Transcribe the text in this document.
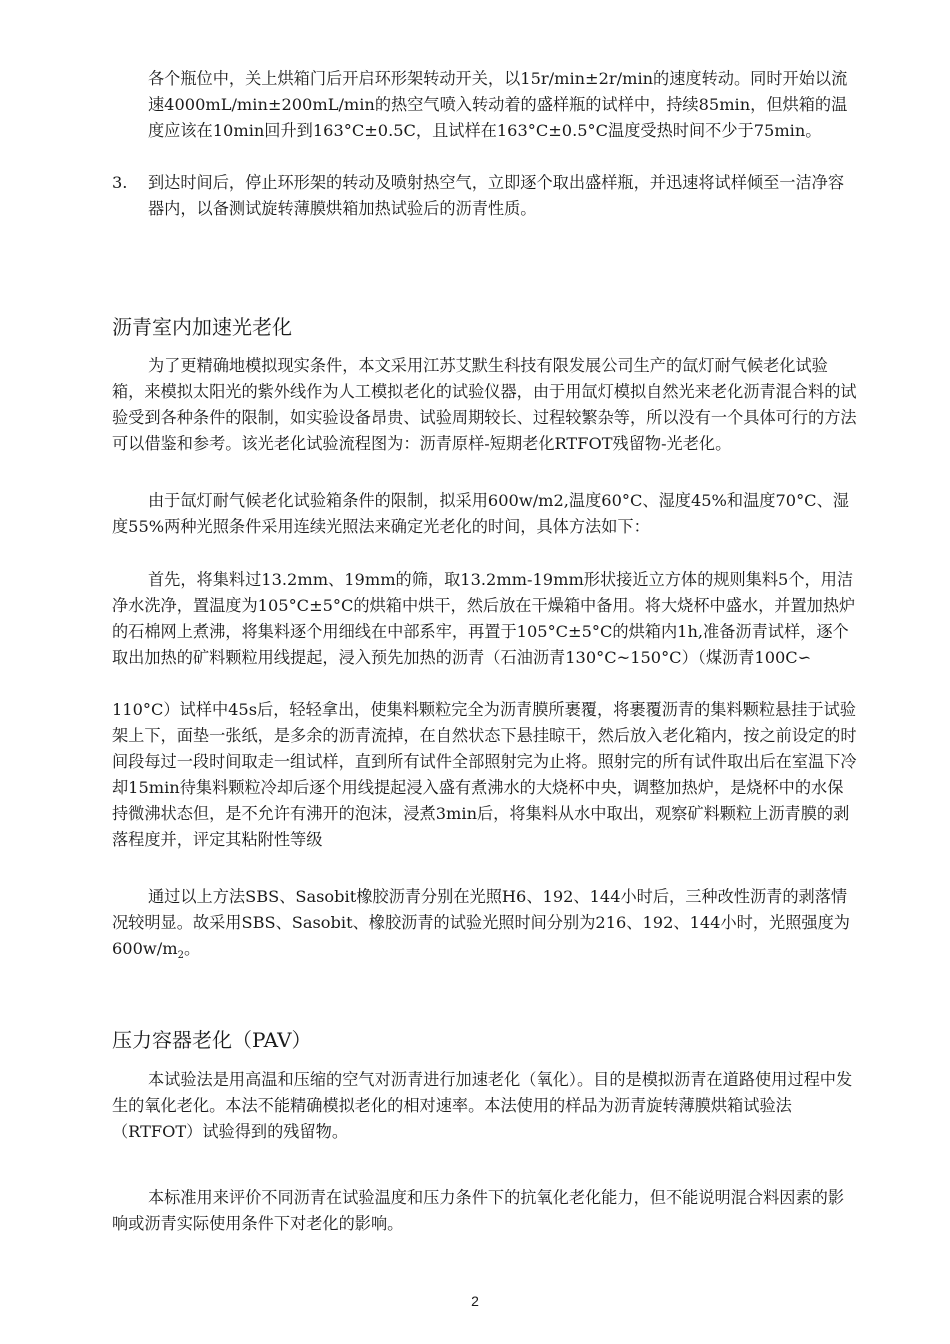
各个瓶位中，关上烘箱门后开启环形架转动开关，以15r/min±2r/min的速度转动。同时开始以流速4000mL/min±200mL/min的热空气喷入转动着的盛样瓶的试样中，持续85min，但烘箱的温度应该在10min回升到163°C±0.5C，且试样在163°C±0.5°C温度受热时间不少于75min。

3.	到达时间后，停止环形架的转动及喷射热空气，立即逐个取出盛样瓶，并迅速将试样倾至一洁净容器内，以备测试旋转薄膜烘箱加热试验后的沥青性质。
沥青室内加速光老化

为了更精确地模拟现实条件，本文采用江苏艾默生科技有限发展公司生产的氙灯耐气候老化试验箱，来模拟太阳光的紫外线作为人工模拟老化的试验仪器，由于用氙灯模拟自然光来老化沥青混合料的试验受到各种条件的限制，如实验设备昂贵、试验周期较长、过程较繁杂等，所以没有一个具体可行的方法可以借鉴和参考。该光老化试验流程图为：沥青原样-短期老化RTFOT残留物-光老化。

由于氙灯耐气候老化试验箱条件的限制，拟采用600w/m2,温度60°C、湿度45%和温度70°C、湿度55%两种光照条件采用连续光照法来确定光老化的时间，具体方法如下：

首先，将集料过13.2mm、19mm的筛，取13.2mm-19mm形状接近立方体的规则集料5个，用洁净水洗净，置温度为105°C±5°C的烘箱中烘干，然后放在干燥箱中备用。将大烧杯中盛水，并置加热炉的石棉网上煮沸，将集料逐个用细线在中部系牢，再置于105°C±5°C的烘箱内1h,准备沥青试样，逐个取出加热的矿料颗粒用线提起，浸入预先加热的沥青（石油沥青130°C~150°C）（煤沥青100C∽

110°C）试样中45s后，轻轻拿出，使集料颗粒完全为沥青膜所裹覆，将裹覆沥青的集料颗粒悬挂于试验架上下，面垫一张纸，是多余的沥青流掉，在自然状态下悬挂晾干，然后放入老化箱内，按之前设定的时间段每过一段时间取走一组试样，直到所有试件全部照射完为止将。照射完的所有试件取出后在室温下冷却15min待集料颗粒冷却后逐个用线提起浸入盛有煮沸水的大烧杯中央，调整加热炉，是烧杯中的水保持微沸状态但，是不允许有沸开的泡沫，浸煮3min后，将集料从水中取出，观察矿料颗粒上沥青膜的剥落程度并，评定其粘附性等级

通过以上方法SBS、Sasobit橡胶沥青分别在光照H6、192、144小时后，三种改性沥青的剥落情况较明显。故采用SBS、Sasobit、橡胶沥青的试验光照时间分别为216、192、144小时，光照强度为$600w/m_2$。

压力容器老化（PAV）

本试验法是用高温和压缩的空气对沥青进行加速老化（氧化）。目的是模拟沥青在道路使用过程中发生的氧化老化。本法不能精确模拟老化的相对速率。本法使用的样品为沥青旋转薄膜烘箱试验法（RTFOT）试验得到的残留物。

本标准用来评价不同沥青在试验温度和压力条件下的抗氧化老化能力，但不能说明混合料因素的影响或沥青实际使用条件下对老化的影响。

2
